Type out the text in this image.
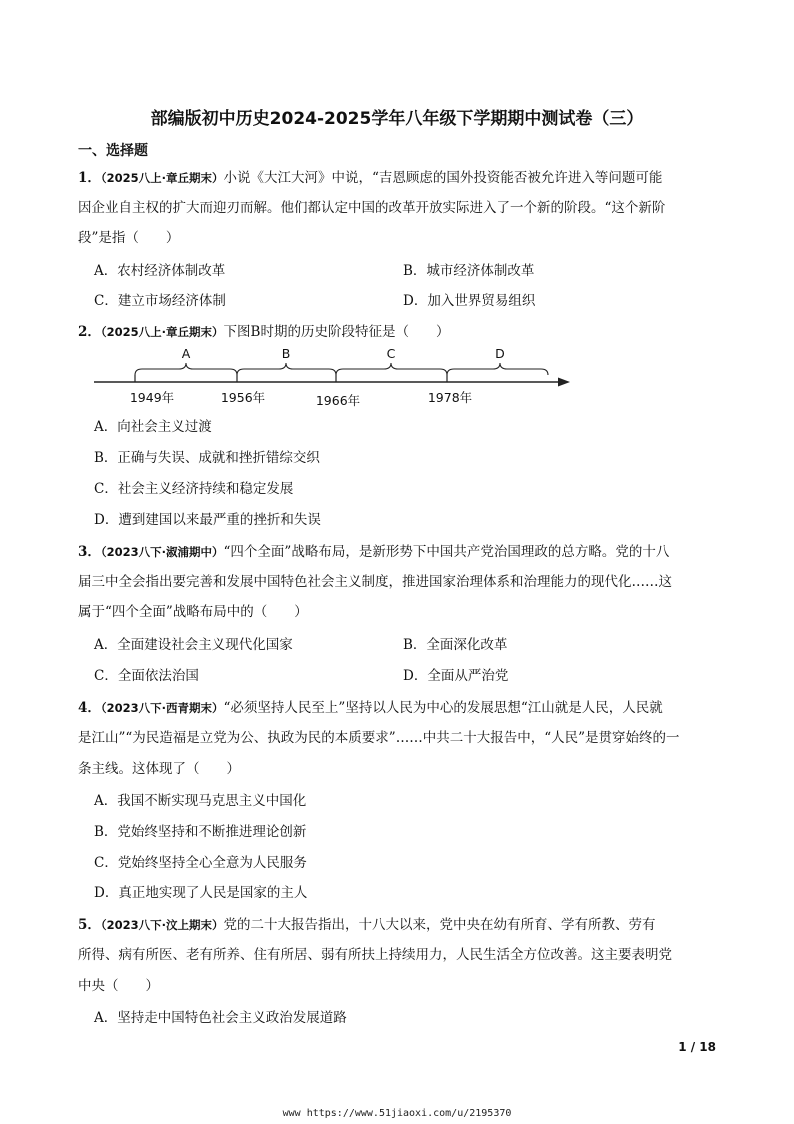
部编版初中历史2024-2025学年八年级下学期期中测试卷（三）
一、选择题
1．（2025八上·章丘期末）小说《大江大河》中说，“吉恩顾虑的国外投资能否被允许进入等问题可能
因企业自主权的扩大而迎刃而解。他们都认定中国的改革开放实际进入了一个新的阶段。“这个新阶
段”是指（　　）
A．农村经济体制改革	B．城市经济体制改革
C．建立市场经济体制	D．加入世界贸易组织
2．（2025八上·章丘期末）下图B时期的历史阶段特征是（　　）
A	B	C	D
1949年	1956年	1966年	1978年
A．向社会主义过渡
B．正确与失误、成就和挫折错综交织
C．社会主义经济持续和稳定发展
D．遭到建国以来最严重的挫折和失误
3．（2023八下·淑浦期中）“四个全面”战略布局，是新形势下中国共产党治国理政的总方略。党的十八
届三中全会指出要完善和发展中国特色社会主义制度，推进国家治理体系和治理能力的现代化……这
属于“四个全面”战略布局中的（　　）
A．全面建设社会主义现代化国家	B．全面深化改革
C．全面依法治国	D．全面从严治党
4．（2023八下·西青期末）“必须坚持人民至上”坚持以人民为中心的发展思想“江山就是人民，人民就
是江山”“为民造福是立党为公、执政为民的本质要求”……中共二十大报告中，“人民”是贯穿始终的一
条主线。这体现了（　　）
A．我国不断实现马克思主义中国化
B．党始终坚持和不断推进理论创新
C．党始终坚持全心全意为人民服务
D．真正地实现了人民是国家的主人
5．（2023八下·汶上期末）党的二十大报告指出，十八大以来，党中央在幼有所育、学有所教、劳有
所得、病有所医、老有所养、住有所居、弱有所扶上持续用力，人民生活全方位改善。这主要表明党
中央（　　）
A．坚持走中国特色社会主义政治发展道路
1 / 18
www https://www.51jiaoxi.com/u/2195370
